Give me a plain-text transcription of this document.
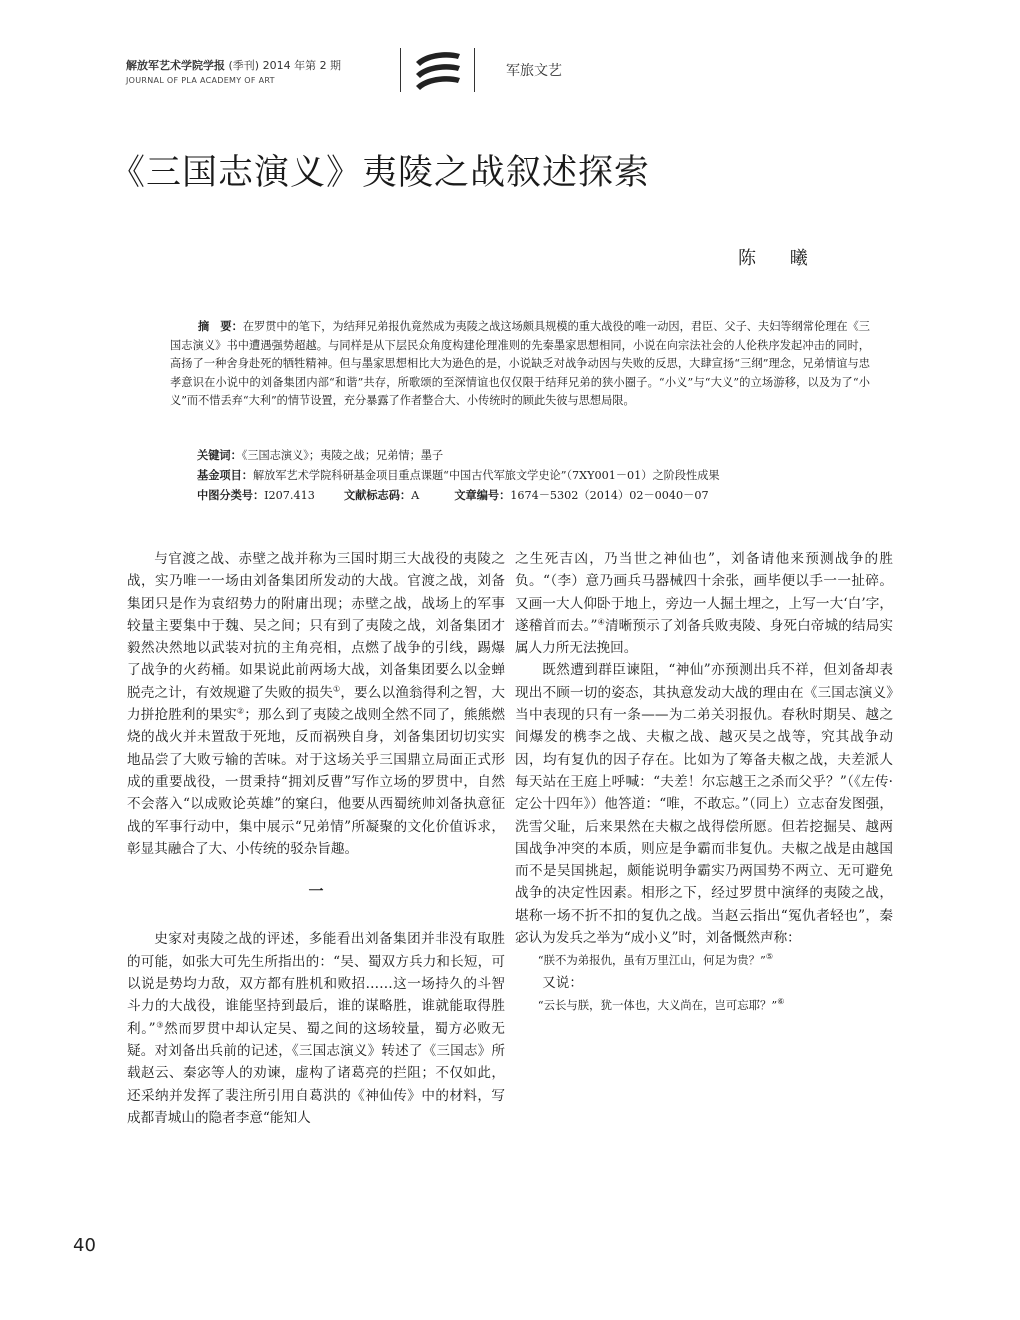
解放军艺术学院学报 (季刊) 2014 年第 2 期
JOURNAL OF PLA ACADEMY OF ART
军旅文艺
《三国志演义》夷陵之战叙述探索
陈 曦
摘　要：在罗贯中的笔下，为结拜兄弟报仇竟然成为夷陵之战这场颇具规模的重大战役的唯一动因，君臣、父子、夫妇等纲常伦理在《三国志演义》书中遭遇强势超越。与同样是从下层民众角度构建伦理准则的先秦墨家思想相同，小说在向宗法社会的人伦秩序发起冲击的同时，高扬了一种舍身赴死的牺牲精神。但与墨家思想相比大为逊色的是，小说缺乏对战争动因与失败的反思，大肆宣扬“三纲”理念，兄弟情谊与忠孝意识在小说中的刘备集团内部“和谐”共存，所歌颂的至深情谊也仅仅限于结拜兄弟的狭小圈子。“小义”与“大义”的立场游移，以及为了“小义”而不惜丢弃“大利”的情节设置，充分暴露了作者整合大、小传统时的顾此失彼与思想局限。
关键词：《三国志演义》；夷陵之战；兄弟情；墨子
基金项目：解放军艺术学院科研基金项目重点课题“中国古代军旅文学史论”（7XY001－01）之阶段性成果
中图分类号：I207.413	文献标志码：A	文章编号：1674－5302（2014）02－0040－07

与官渡之战、赤壁之战并称为三国时期三大战役的夷陵之战，实乃唯一一场由刘备集团所发动的大战。官渡之战，刘备集团只是作为袁绍势力的附庸出现；赤壁之战，战场上的军事较量主要集中于魏、吴之间；只有到了夷陵之战，刘备集团才毅然决然地以武装对抗的主角亮相，点燃了战争的引线，踢爆了战争的火药桶。如果说此前两场大战，刘备集团要么以金蝉脱壳之计，有效规避了失败的损失①，要么以渔翁得利之智，大力拼抢胜利的果实②；那么到了夷陵之战则全然不同了，熊熊燃烧的战火并未置敌于死地，反而祸殃自身，刘备集团切切实实地品尝了大败亏输的苦味。对于这场关乎三国鼎立局面正式形成的重要战役，一贯秉持“拥刘反曹”写作立场的罗贯中，自然不会落入“以成败论英雄”的窠臼，他要从西蜀统帅刘备执意征战的军事行动中，集中展示“兄弟情”所凝聚的文化价值诉求，彰显其融合了大、小传统的驳杂旨趣。

一

史家对夷陵之战的评述，多能看出刘备集团并非没有取胜的可能，如张大可先生所指出的：“吴、蜀双方兵力和长短，可以说是势均力敌，双方都有胜机和败招……这一场持久的斗智斗力的大战役，谁能坚持到最后，谁的谋略胜，谁就能取得胜利。”③然而罗贯中却认定吴、蜀之间的这场较量，蜀方必败无疑。对刘备出兵前的记述，《三国志演义》转述了《三国志》所载赵云、秦宓等人的劝谏，虚构了诸葛亮的拦阻；不仅如此，还采纳并发挥了裴注所引用自葛洪的《神仙传》中的材料，写成都青城山的隐者李意“能知人

之生死吉凶，乃当世之神仙也”，刘备请他来预测战争的胜负。“（李）意乃画兵马器械四十余张，画毕便以手一一扯碎。又画一大人仰卧于地上，旁边一人掘土埋之，上写一大‘白’字，遂稽首而去。”④清晰预示了刘备兵败夷陵、身死白帝城的结局实属人力所无法挽回。

既然遭到群臣谏阻，“神仙”亦预测出兵不祥，但刘备却表现出不顾一切的姿态，其执意发动大战的理由在《三国志演义》当中表现的只有一条——为二弟关羽报仇。春秋时期吴、越之间爆发的槜李之战、夫椒之战、越灭吴之战等，究其战争动因，均有复仇的因子存在。比如为了筹备夫椒之战，夫差派人每天站在王庭上呼喊：“夫差！尔忘越王之杀而父乎？”（《左传·定公十四年》）他答道：“唯，不敢忘。”（同上）立志奋发图强，洗雪父耻，后来果然在夫椒之战得偿所愿。但若挖掘吴、越两国战争冲突的本质，则应是争霸而非复仇。夫椒之战是由越国而不是吴国挑起，颇能说明争霸实乃两国势不两立、无可避免战争的决定性因素。相形之下，经过罗贯中演绎的夷陵之战，堪称一场不折不扣的复仇之战。当赵云指出“冤仇者轻也”，秦宓认为发兵之举为“成小义”时，刘备慨然声称：

“朕不为弟报仇，虽有万里江山，何足为贵？”⑤

又说：

“云长与朕，犹一体也，大义尚在，岂可忘耶？”⑥

40
